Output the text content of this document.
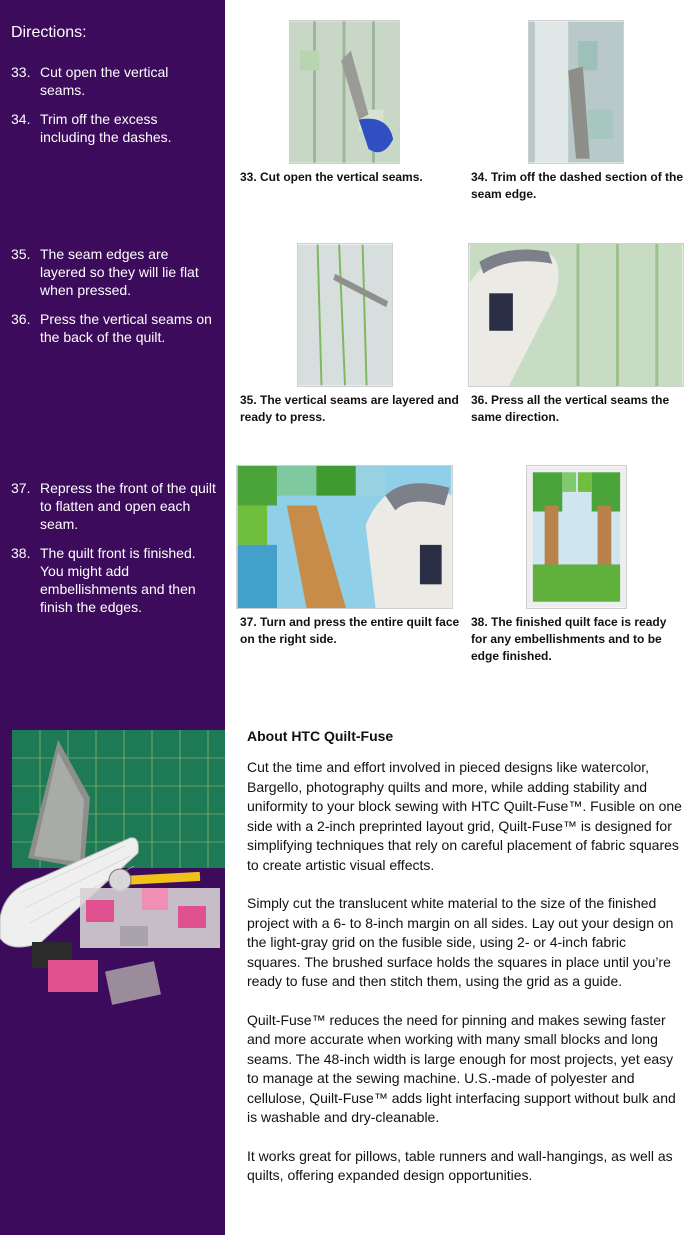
Directions:
33. Cut open the vertical seams.
34. Trim off the excess including the dashes.
35. The seam edges are layered so they will lie flat when pressed.
36. Press the vertical seams on the back of the quilt.
37. Repress the front of the quilt to flatten and open each seam.
38. The quilt front is finished. You might add embellishments and then finish the edges.
33. Cut open the vertical seams.	34. Trim off the dashed section of the seam edge.
35. The vertical seams are layered and ready to press.
36. Press all the vertical seams the same direction.
37. Turn and press the entire quilt face on the right side.
38. The finished quilt face is ready for any embellishments and to be edge finished.
About HTC Quilt-Fuse

Cut the time and effort involved in pieced designs like watercolor, Bargello, photography quilts and more, while adding stability and uniformity to your block sewing with HTC Quilt-Fuse™. Fusible on one side with a 2-inch preprinted layout grid, Quilt-Fuse™ is designed for simplifying techniques that rely on careful placement of fabric squares to create artistic visual effects.

Simply cut the translucent white material to the size of the finished project with a 6- to 8-inch margin on all sides. Lay out your design on the light-gray grid on the fusible side, using 2- or 4-inch fabric squares. The brushed surface holds the squares in place until you’re ready to fuse and then stitch them, using the grid as a guide.

Quilt-Fuse™ reduces the need for pinning and makes sewing faster and more accurate when working with many small blocks and long seams. The 48-inch width is large enough for most projects, yet easy to manage at the sewing machine. U.S.-made of polyester and cellulose, Quilt-Fuse™ adds light interfacing support without bulk and is washable and dry-cleanable.

It works great for pillows, table runners and wall-hangings, as well as quilts, offering expanded design opportunities.
